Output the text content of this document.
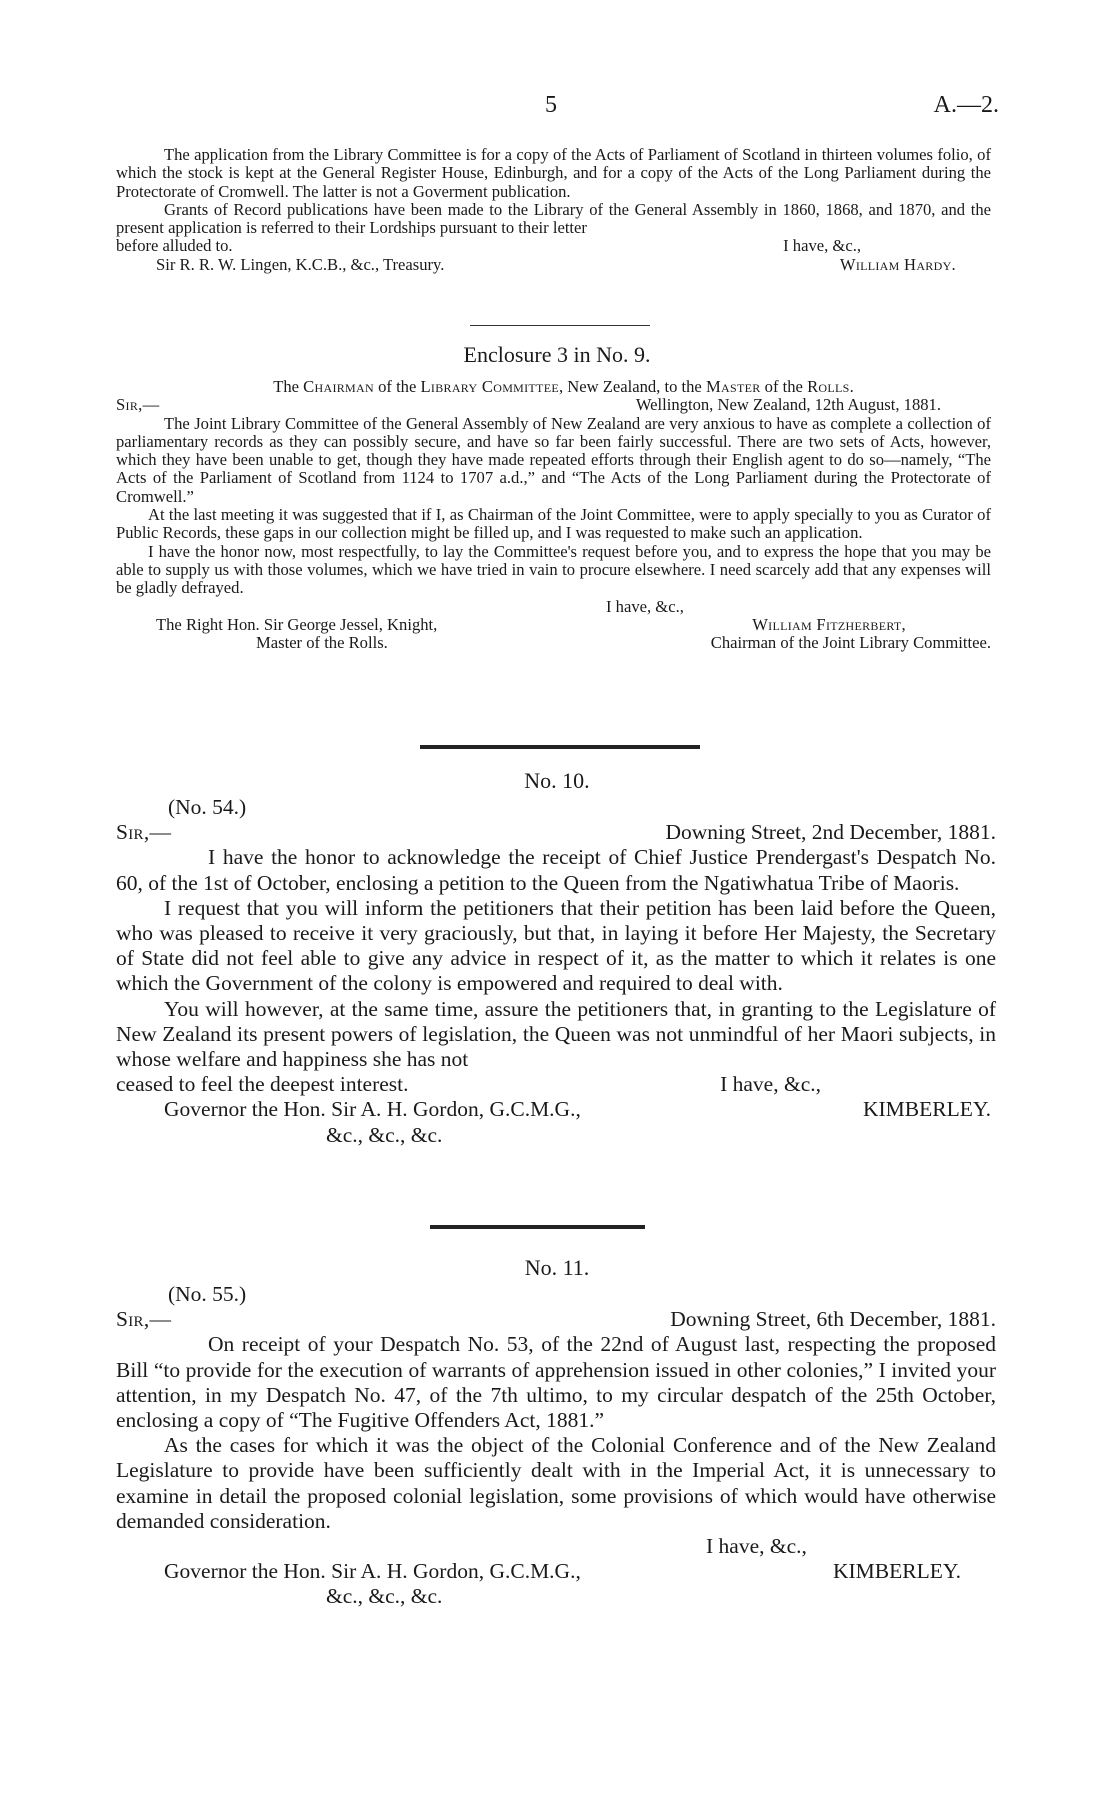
5	A.—2.

The application from the Library Committee is for a copy of the Acts of Parliament of Scotland in thirteen volumes folio, of which the stock is kept at the General Register House, Edinburgh, and for a copy of the Acts of the Long Parliament during the Protectorate of Cromwell. The latter is not a Goverment publication.

Grants of Record publications have been made to the Library of the General Assembly in 1860, 1868, and 1870, and the present application is referred to their Lordships pursuant to their letter

before alluded to.	I have, &c.,
Sir R. R. W. Lingen, K.C.B., &c., Treasury.	William Hardy.
Enclosure 3 in No. 9.
The Chairman of the Library Committee, New Zealand, to the Master of the Rolls.
Sir,—	Wellington, New Zealand, 12th August, 1881.

The Joint Library Committee of the General Assembly of New Zealand are very anxious to have as complete a collection of parliamentary records as they can possibly secure, and have so far been fairly successful. There are two sets of Acts, however, which they have been unable to get, though they have made repeated efforts through their English agent to do so—namely, “The Acts of the Parliament of Scotland from 1124 to 1707 a.d.,” and “The Acts of the Long Parliament during the Protectorate of Cromwell.”

At the last meeting it was suggested that if I, as Chairman of the Joint Committee, were to apply specially to you as Curator of Public Records, these gaps in our collection might be filled up, and I was requested to make such an application.

I have the honor now, most respectfully, to lay the Committee's request before you, and to express the hope that you may be able to supply us with those volumes, which we have tried in vain to procure elsewhere. I need scarcely add that any expenses will be gladly defrayed.

I have, &c.,
The Right Hon. Sir George Jessel, Knight,	William Fitzherbert,
Master of the Rolls.	Chairman of the Joint Library Committee.
No. 10.
(No. 54.)
Sir,—	Downing Street, 2nd December, 1881.

I have the honor to acknowledge the receipt of Chief Justice Prendergast's Despatch No. 60, of the 1st of October, enclosing a petition to the Queen from the Ngatiwhatua Tribe of Maoris.

I request that you will inform the petitioners that their petition has been laid before the Queen, who was pleased to receive it very graciously, but that, in laying it before Her Majesty, the Secretary of State did not feel able to give any advice in respect of it, as the matter to which it relates is one which the Government of the colony is empowered and required to deal with.

You will however, at the same time, assure the petitioners that, in granting to the Legislature of New Zealand its present powers of legislation, the Queen was not unmindful of her Maori subjects, in whose welfare and happiness she has not

ceased to feel the deepest interest.	I have, &c.,
Governor the Hon. Sir A. H. Gordon, G.C.M.G.,	KIMBERLEY.
&c., &c., &c.
No. 11.
(No. 55.)
Sir,—	Downing Street, 6th December, 1881.

On receipt of your Despatch No. 53, of the 22nd of August last, respecting the proposed Bill “to provide for the execution of warrants of apprehension issued in other colonies,” I invited your attention, in my Despatch No. 47, of the 7th ultimo, to my circular despatch of the 25th October, enclosing a copy of “The Fugitive Offenders Act, 1881.”

As the cases for which it was the object of the Colonial Conference and of the New Zealand Legislature to provide have been sufficiently dealt with in the Imperial Act, it is unnecessary to examine in detail the proposed colonial legislation, some provisions of which would have otherwise demanded consideration.

I have, &c.,
Governor the Hon. Sir A. H. Gordon, G.C.M.G.,	KIMBERLEY.
&c., &c., &c.
